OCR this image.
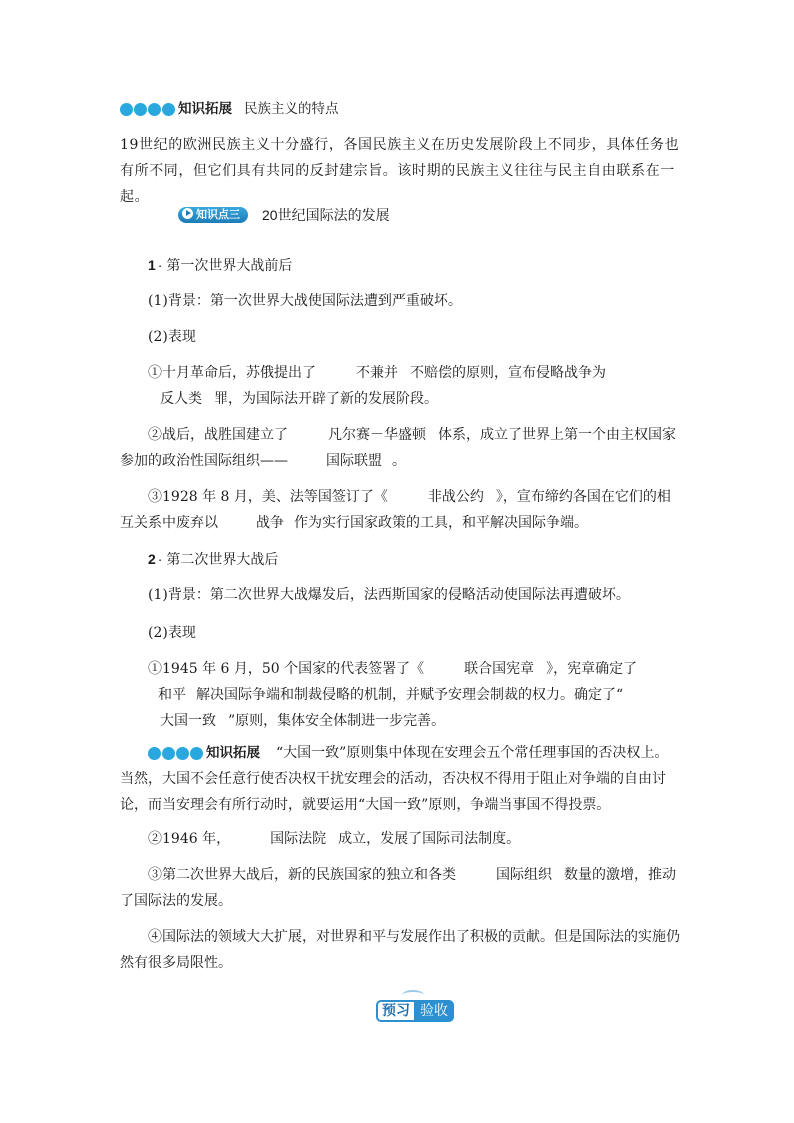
知识拓展 民族主义的特点

19世纪的欧洲民族主义十分盛行，各国民族主义在历史发展阶段上不同步，具体任务也有所不同，但它们具有共同的反封建宗旨。该时期的民族主义往往与民主自由联系在一起。

知识点三 20世纪国际法的发展
1 · 第一次世界大战前后

(1)背景：第一次世界大战使国际法遭到严重破坏。

(2)表现

①十月革命后，苏俄提出了	不兼并 不赔偿的原则，宣布侵略战争为反人类 罪，为国际法开辟了新的发展阶段。

②战后，战胜国建立了	凡尔赛－华盛顿 体系，成立了世界上第一个由主权国家参加的政治性国际组织——	国际联盟 。

③1928 年 8 月，美、法等国签订了《	非战公约 》，宣布缔约各国在它们的相互关系中废弃以	战争 作为实行国家政策的工具，和平解决国际争端。

2 · 第二次世界大战后

(1)背景：第二次世界大战爆发后，法西斯国家的侵略活动使国际法再遭破坏。

(2)表现

①1945 年 6 月，50 个国家的代表签署了《	联合国宪章 》，宪章确定了和平 解决国际争端和制裁侵略的机制，并赋予安理会制裁的权力。确定了“大国一致 ”原则，集体安全体制进一步完善。

知识拓展 “大国一致”原则集中体现在安理会五个常任理事国的否决权上。当然，大国不会任意行使否决权干扰安理会的活动，否决权不得用于阻止对争端的自由讨论，而当安理会有所行动时，就要运用“大国一致”原则，争端当事国不得投票。

②1946 年，	国际法院 成立，发展了国际司法制度。

③第二次世界大战后，新的民族国家的独立和各类	国际组织 数量的激增，推动了国际法的发展。

④国际法的领域大大扩展，对世界和平与发展作出了积极的贡献。但是国际法的实施仍然有很多局限性。

预习 验收
